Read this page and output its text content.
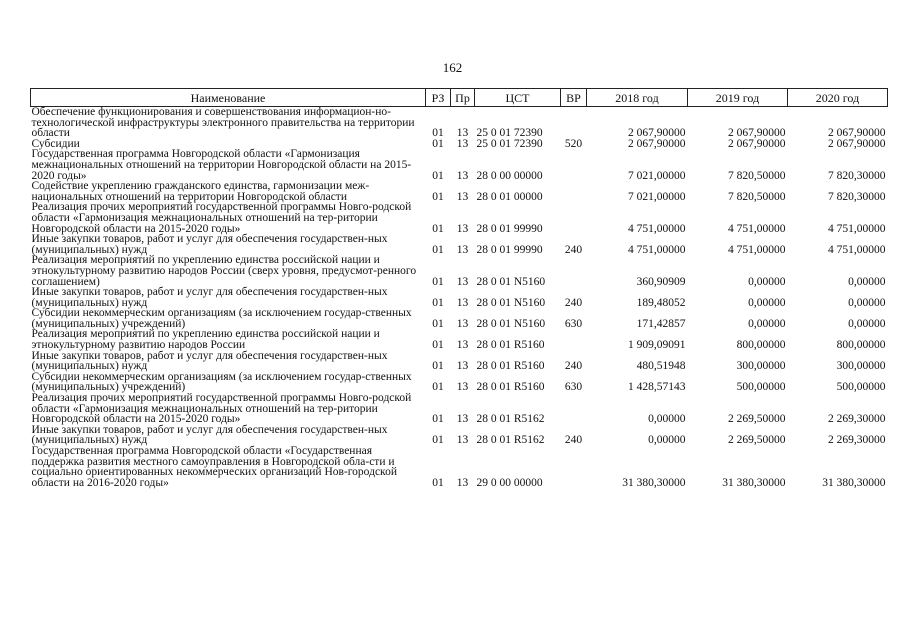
162
Наименование	РЗ	Пр	ЦСТ	ВР	2018 год	2019 год	2020 год
Обеспечение функционирования и совершенствования информацион-но- технологической инфраструктуры электронного правительства на территории области	01	13	25 0 01 72390		2 067,90000	2 067,90000	2 067,90000
Субсидии	01	13	25 0 01 72390	520	2 067,90000	2 067,90000	2 067,90000
Государственная программа Новгородской области «Гармонизация межнациональных отношений на территории Новгородской области на 2015-2020 годы»	01	13	28 0 00 00000		7 021,00000	7 820,50000	7 820,30000
Содействие укреплению гражданского единства, гармонизации меж-национальных отношений на территории Новгородской области	01	13	28 0 01 00000		7 021,00000	7 820,50000	7 820,30000
Реализация прочих мероприятий государственной программы Новго-родской области «Гармонизация межнациональных отношений на тер-ритории Новгородской области на 2015-2020 годы»	01	13	28 0 01 99990		4 751,00000	4 751,00000	4 751,00000
Иные закупки товаров, работ и услуг для обеспечения государствен-ных (муниципальных) нужд	01	13	28 0 01 99990	240	4 751,00000	4 751,00000	4 751,00000
Реализация мероприятий по укреплению единства российской нации и этнокультурному развитию народов России (сверх уровня, предусмот-ренного соглашением)	01	13	28 0 01 N5160		360,90909	0,00000	0,00000
Иные закупки товаров, работ и услуг для обеспечения государствен-ных (муниципальных) нужд	01	13	28 0 01 N5160	240	189,48052	0,00000	0,00000
Субсидии некоммерческим организациям (за исключением государ-ственных (муниципальных) учреждений)	01	13	28 0 01 N5160	630	171,42857	0,00000	0,00000
Реализация мероприятий по укреплению единства российской нации и этнокультурному развитию народов России	01	13	28 0 01 R5160		1 909,09091	800,00000	800,00000
Иные закупки товаров, работ и услуг для обеспечения государствен-ных (муниципальных) нужд	01	13	28 0 01 R5160	240	480,51948	300,00000	300,00000
Субсидии некоммерческим организациям (за исключением государ-ственных (муниципальных) учреждений)	01	13	28 0 01 R5160	630	1 428,57143	500,00000	500,00000
Реализация прочих мероприятий государственной программы Новго-родской области «Гармонизация межнациональных отношений на тер-ритории Новгородской области на 2015-2020 годы»	01	13	28 0 01 R5162		0,00000	2 269,50000	2 269,30000
Иные закупки товаров, работ и услуг для обеспечения государствен-ных (муниципальных) нужд	01	13	28 0 01 R5162	240	0,00000	2 269,50000	2 269,30000
Государственная программа Новгородской области «Государственная поддержка развития местного самоуправления в Новгородской обла-сти и социально ориентированных некоммерческих организаций Нов-городской области на 2016-2020 годы»	01	13	29 0 00 00000		31 380,30000	31 380,30000	31 380,30000
